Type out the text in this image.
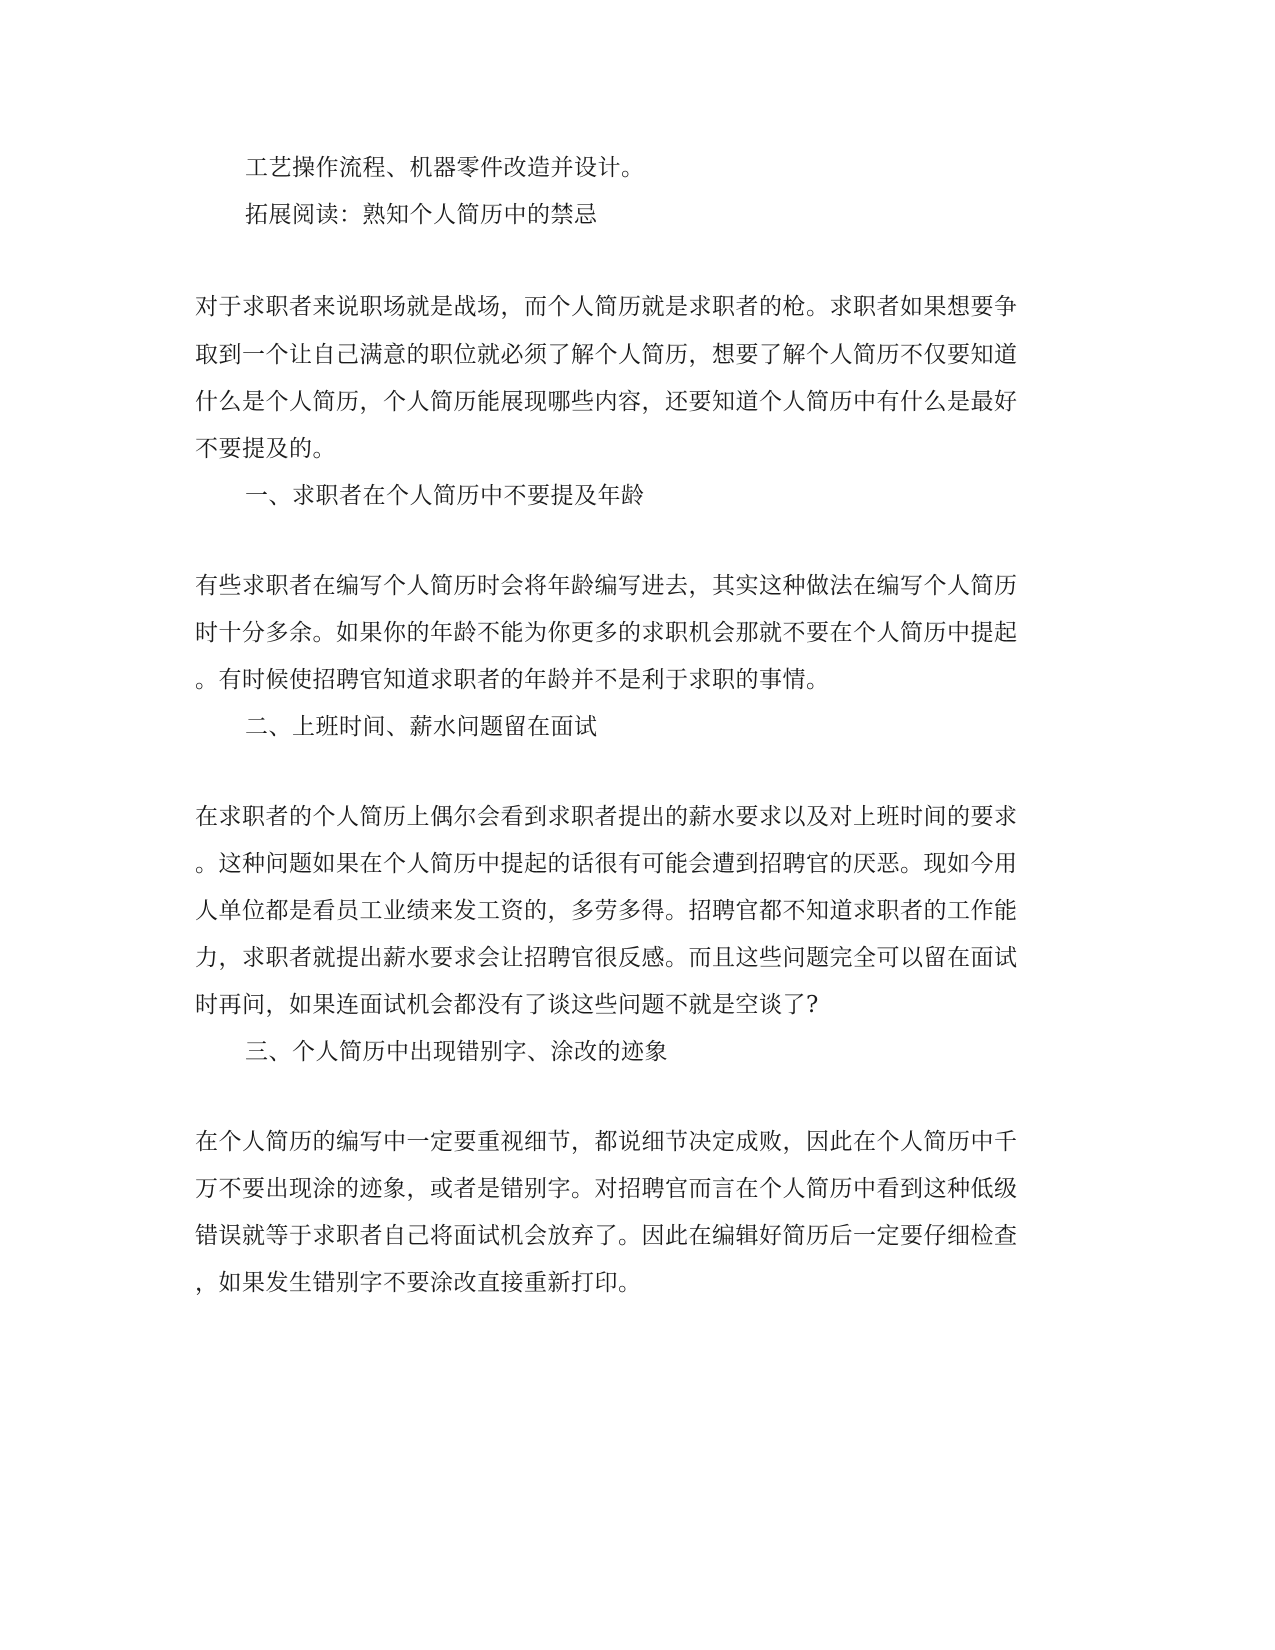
工艺操作流程、机器零件改造并设计。
拓展阅读：熟知个人简历中的禁忌
对于求职者来说职场就是战场，而个人简历就是求职者的枪。求职者如果想要争
取到一个让自己满意的职位就必须了解个人简历，想要了解个人简历不仅要知道
什么是个人简历，个人简历能展现哪些内容，还要知道个人简历中有什么是最好
不要提及的。
一、求职者在个人简历中不要提及年龄
有些求职者在编写个人简历时会将年龄编写进去，其实这种做法在编写个人简历
时十分多余。如果你的年龄不能为你更多的求职机会那就不要在个人简历中提起
。有时候使招聘官知道求职者的年龄并不是利于求职的事情。
二、上班时间、薪水问题留在面试
在求职者的个人简历上偶尔会看到求职者提出的薪水要求以及对上班时间的要求
。这种问题如果在个人简历中提起的话很有可能会遭到招聘官的厌恶。现如今用
人单位都是看员工业绩来发工资的，多劳多得。招聘官都不知道求职者的工作能
力，求职者就提出薪水要求会让招聘官很反感。而且这些问题完全可以留在面试
时再问，如果连面试机会都没有了谈这些问题不就是空谈了?
三、个人简历中出现错别字、涂改的迹象
在个人简历的编写中一定要重视细节，都说细节决定成败，因此在个人简历中千
万不要出现涂的迹象，或者是错别字。对招聘官而言在个人简历中看到这种低级
错误就等于求职者自己将面试机会放弃了。因此在编辑好简历后一定要仔细检查
，如果发生错别字不要涂改直接重新打印。
